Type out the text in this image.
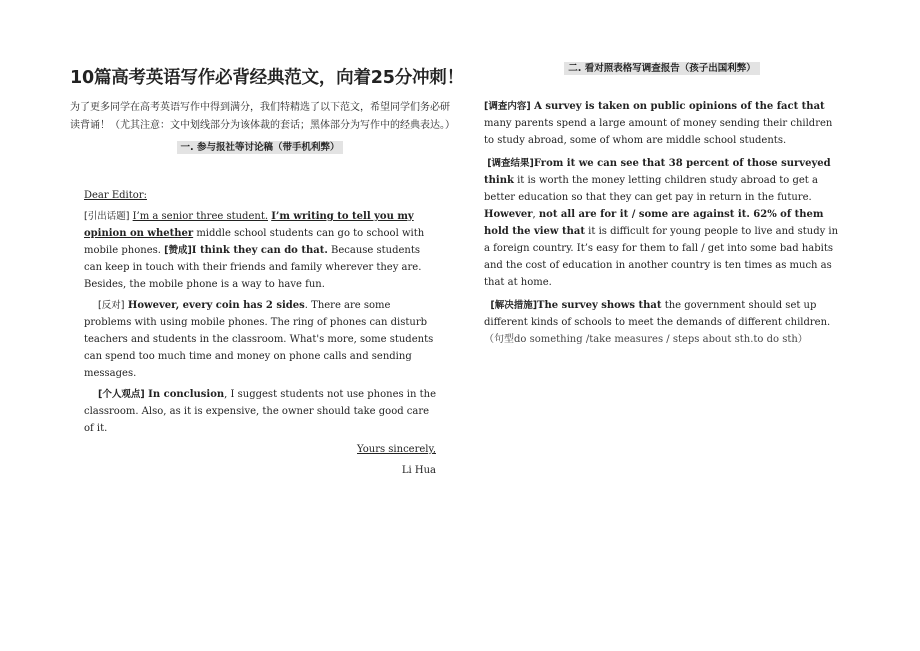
10篇高考英语写作必背经典范文，向着25分冲刺！

为了更多同学在高考英语写作中得到满分，我们特精选了以下范文，希望同学们务必研读背诵！（尤其注意：文中划线部分为该体裁的套话；黑体部分为写作中的经典表达。）

一. 参与报社等讨论稿（带手机利弊）

Dear Editor:

[引出话题] I’m a senior three student. I’m writing to tell you my opinion on whether middle school students can go to school with mobile phones. [赞成]I think they can do that. Because students can keep in touch with their friends and family wherever they are. Besides, the mobile phone is a way to have fun.

[反对] However, every coin has 2 sides. There are some problems with using mobile phones. The ring of phones can disturb teachers and students in the classroom. What's more, some students can spend too much time and money on phone calls and sending messages.

[个人观点] In conclusion, I suggest students not use phones in the classroom. Also, as it is expensive, the owner should take good care of it.

Yours sincerely,

Li Hua

二. 看对照表格写调查报告（孩子出国利弊）

[调查内容] A survey is taken on public opinions of the fact that many parents spend a large amount of money sending their children to study abroad, some of whom are middle school students.

[调查结果]From it we can see that 38 percent of those surveyed think it is worth the money letting children study abroad to get a better education so that they can get pay in return in the future. However, not all are for it / some are against it. 62% of them hold the view that it is difficult for young people to live and study in a foreign country. It’s easy for them to fall / get into some bad habits and the cost of education in another country is ten times as much as that at home.

[解决措施]The survey shows that the government should set up different kinds of schools to meet the demands of different children. （句型do something /take measures / steps about sth.to do sth）
